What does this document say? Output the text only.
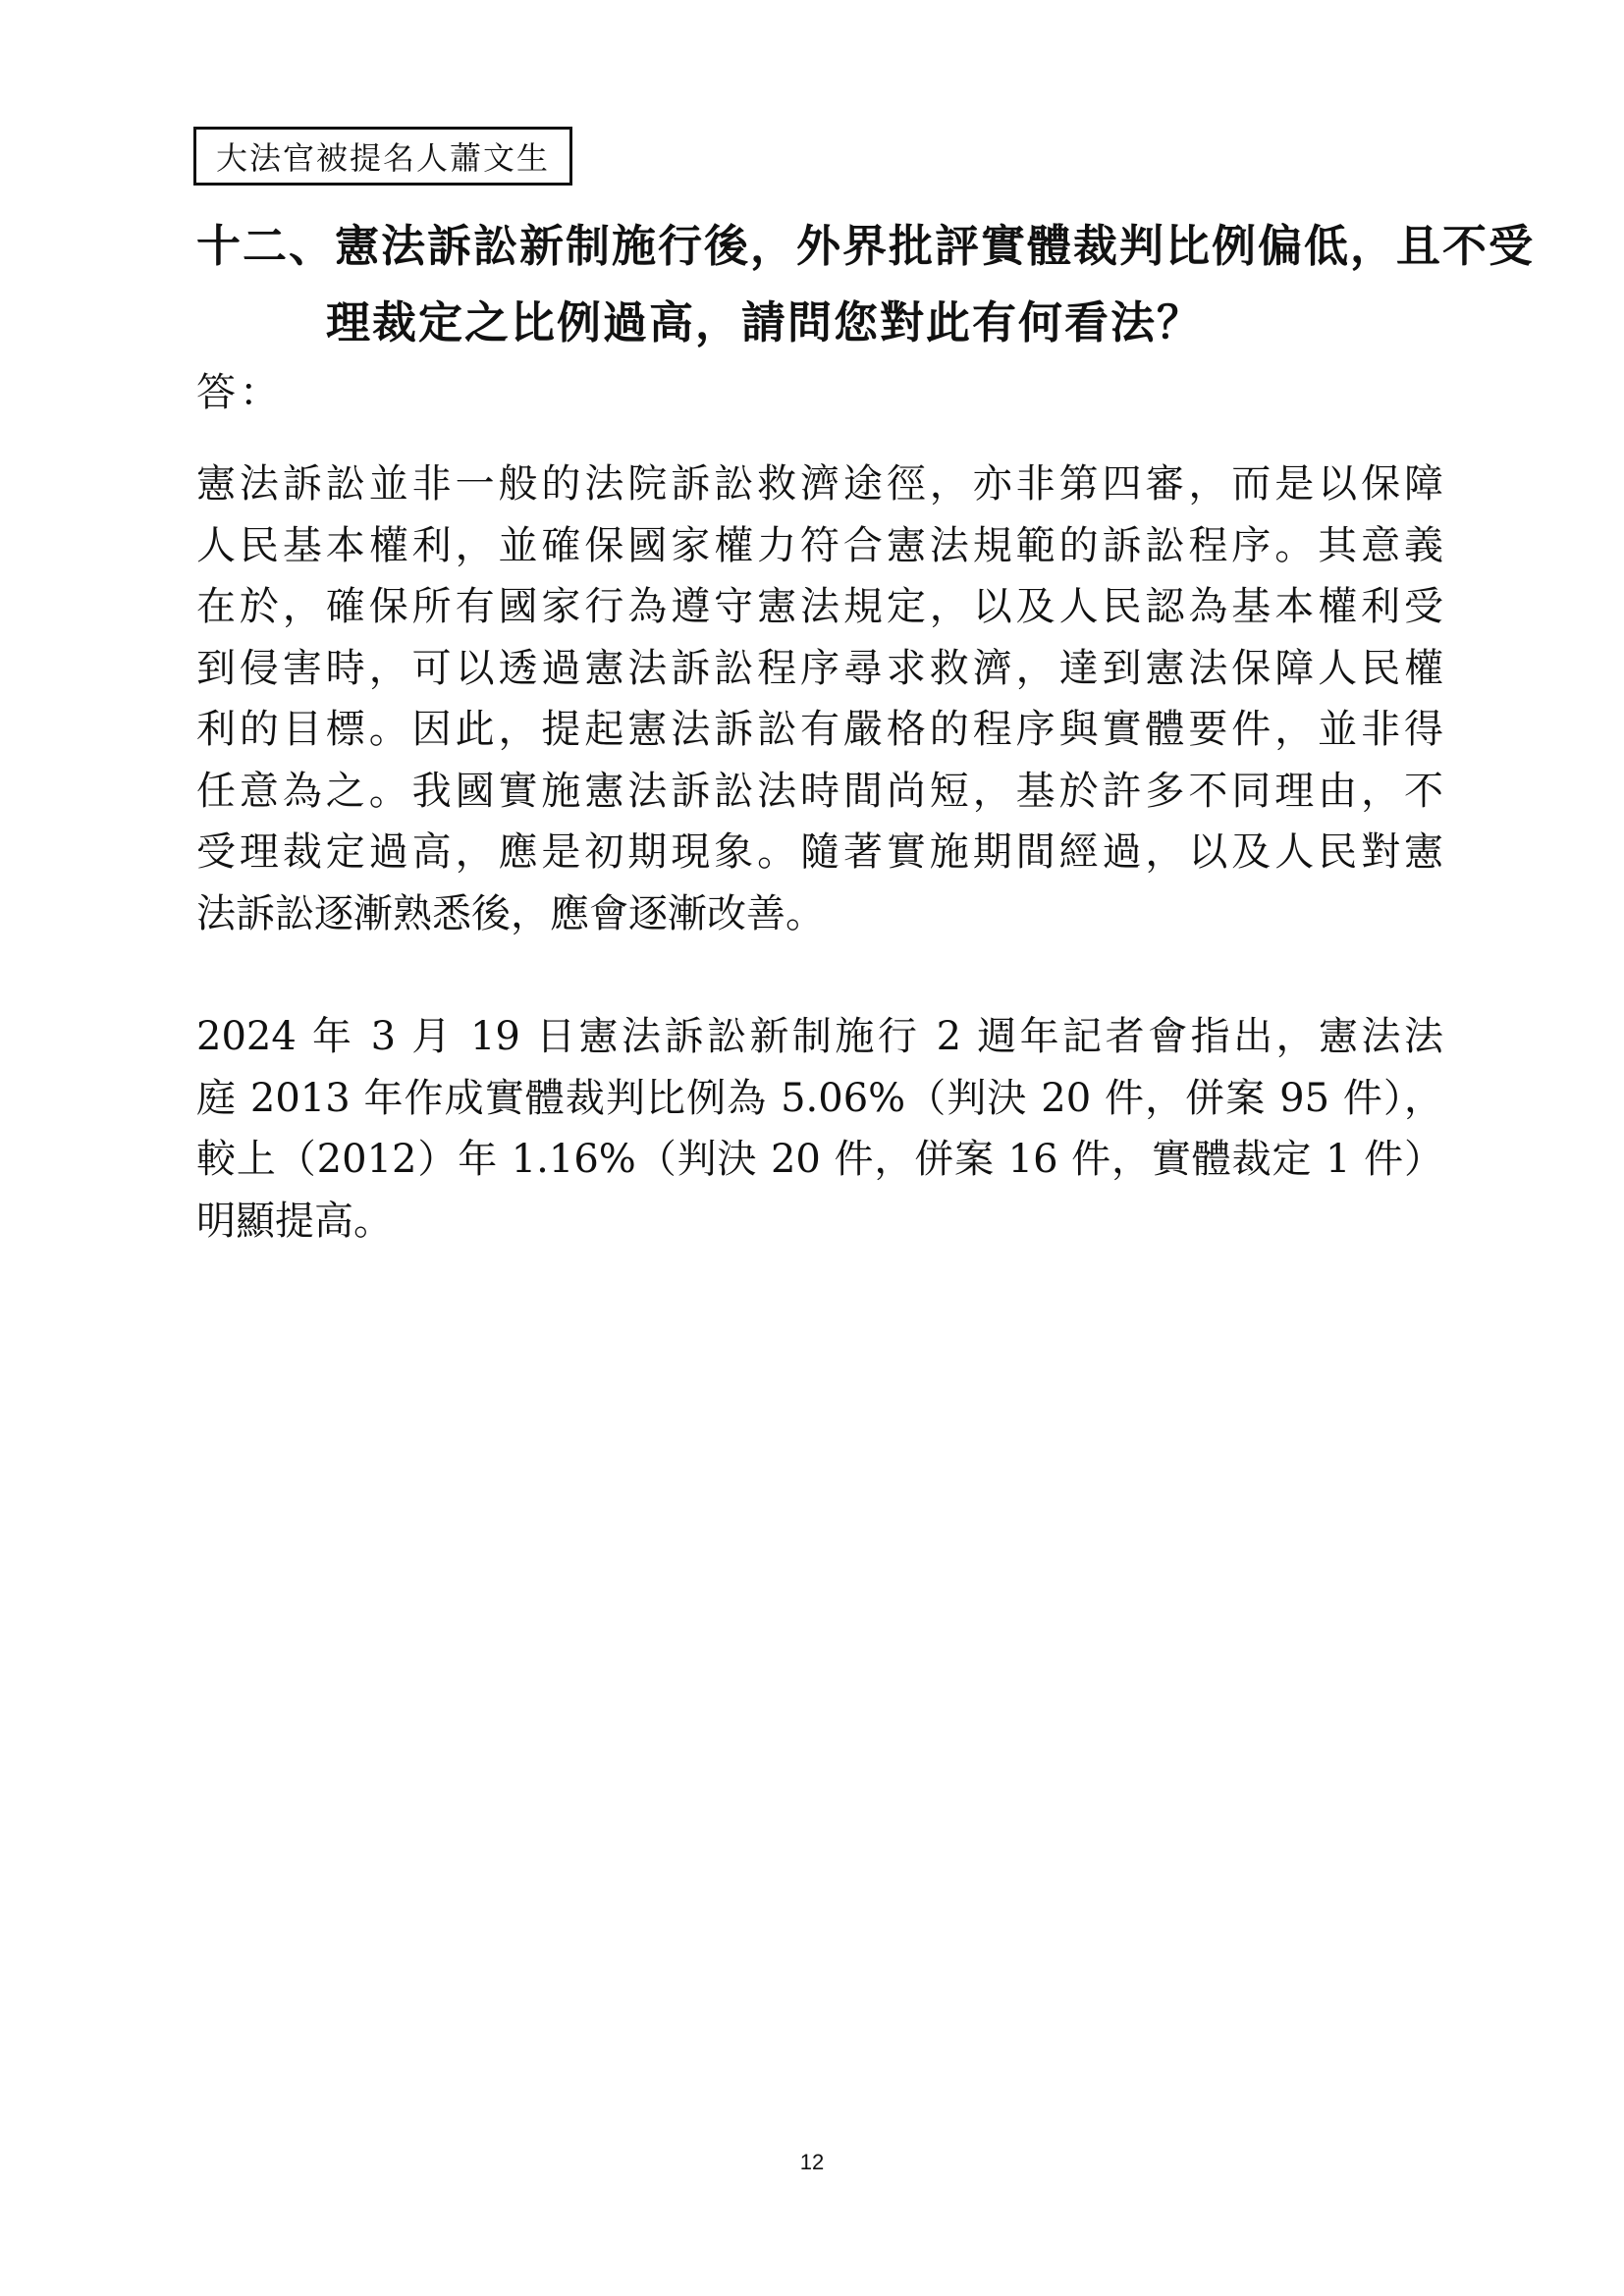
大法官被提名人蕭文生
十二、憲法訴訟新制施行後，外界批評實體裁判比例偏低，且不受
理裁定之比例過高，請問您對此有何看法？
答：
憲法訴訟並非一般的法院訴訟救濟途徑，亦非第四審，而是以保障
人民基本權利，並確保國家權力符合憲法規範的訴訟程序。其意義
在於，確保所有國家行為遵守憲法規定，以及人民認為基本權利受
到侵害時，可以透過憲法訴訟程序尋求救濟，達到憲法保障人民權
利的目標。因此，提起憲法訴訟有嚴格的程序與實體要件，並非得
任意為之。我國實施憲法訴訟法時間尚短，基於許多不同理由，不
受理裁定過高，應是初期現象。隨著實施期間經過，以及人民對憲
法訴訟逐漸熟悉後，應會逐漸改善。
2024 年 3 月 19 日憲法訴訟新制施行 2 週年記者會指出，憲法法
庭 2013 年作成實體裁判比例為 5.06%（判決 20 件，併案 95 件），
較上（2012）年 1.16%（判決 20 件，併案 16 件，實體裁定 1 件）
明顯提高。
12
